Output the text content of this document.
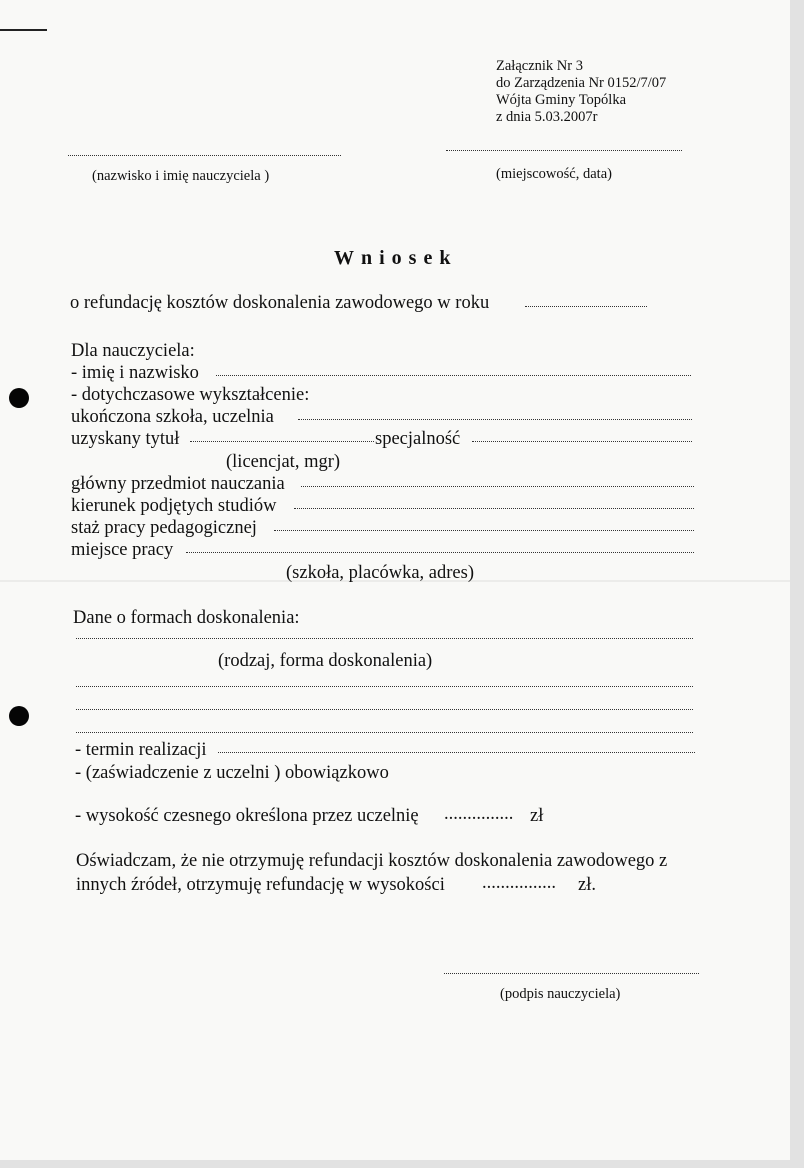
Załącznik Nr 3
do Zarządzenia Nr 0152/7/07
Wójta Gminy Topólka
z dnia 5.03.2007r
(nazwisko i imię nauczyciela )	(miejscowość, data)
Wniosek
o refundację kosztów doskonalenia zawodowego w roku
Dla nauczyciela:
- imię i nazwisko
- dotychczasowe wykształcenie:
ukończona szkoła, uczelnia
uzyskany tytuł	specjalność
(licencjat, mgr)
główny przedmiot nauczania
kierunek podjętych studiów
staż pracy pedagogicznej
miejsce pracy
(szkoła, placówka, adres)
Dane o formach doskonalenia:
(rodzaj, forma doskonalenia)
- termin realizacji
- (zaświadczenie z uczelni ) obowiązkowo
- wysokość czesnego określona przez uczelnię ............... zł
Oświadczam, że nie otrzymuję refundacji kosztów doskonalenia zawodowego z
innych źródeł, otrzymuję refundację w wysokości ................ zł.
(podpis nauczyciela)
